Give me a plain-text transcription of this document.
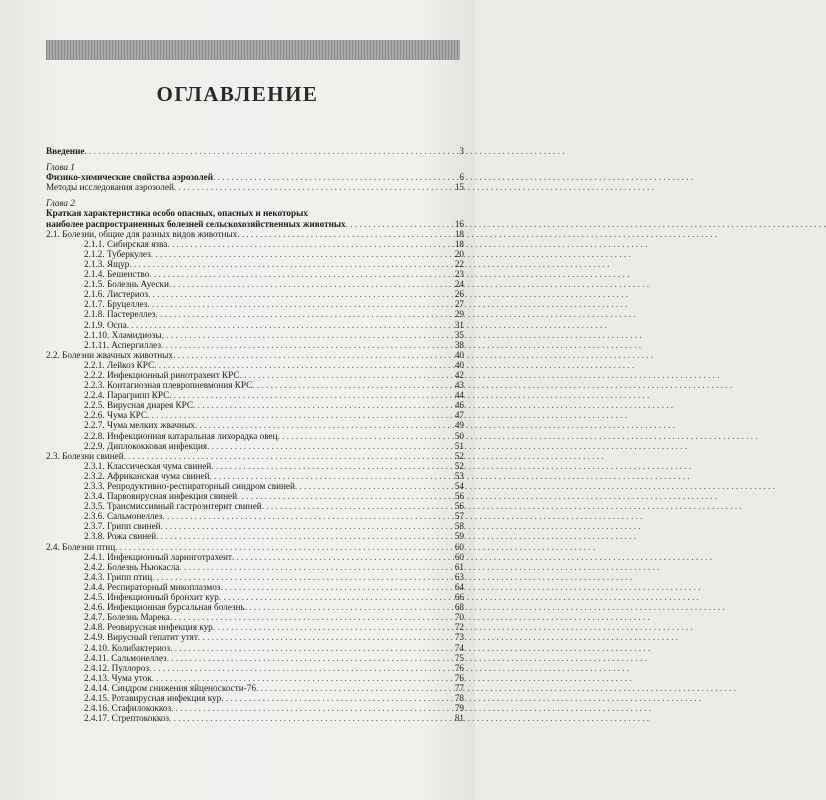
ОГЛАВЛЕНИЕ
Введение . . .	3
Глава 1
Физико-химические свойства аэрозолей . . .	6
Методы исследования аэрозолей . . .	15
Глава 2
Краткая характеристика особо опасных, опасных и некоторых
наиболее распространенных болезней сельскохозяйственных животных . . .	16
2.1. Болезни, общие для разных видов животных . . .	18
2.1.1. Сибирская язва . . .	18
2.1.2. Туберкулез . . .	20
2.1.3. Ящур . . .	22
2.1.4. Бешенство . . .	23
2.1.5. Болезнь Ауески . . .	24
2.1.6. Листериоз . . .	26
2.1.7. Бруцеллез . . .	27
2.1.8. Пастереллез . . .	29
2.1.9. Оспа . . .	31
2.1.10. Хламидиозы . . .	35
2.1.11. Аспергиллез . . .	38
2.2. Болезни жвачных животных . . .	40
2.2.1. Лейкоз КРС . . .	40
2.2.2. Инфекционный ринотрахеит КРС . . .	42
2.2.3. Контагиозная плевропневмония КРС . . .	43
2.2.4. Парагрипп КРС . . .	44
2.2.5. Вирусная диарея КРС . . .	46
2.2.6. Чума КРС . . .	47
2.2.7. Чума мелких жвачных . . .	49
2.2.8. Инфекционная катаральная лихорадка овец . . .	50
2.2.9. Диплококковая инфекция . . .	51
2.3. Болезни свиней . . .	52
2.3.1. Классическая чума свиней . . .	52
2.3.2. Африканская чума свиней . . .	53
2.3.3. Репродуктивно-респираторный синдром свиней . . .	54
2.3.4. Парвовирусная инфекция свиней . . .	56
2.3.5. Трансмиссивный гастроэнтерит свиней . . .	56
2.3.6. Сальмонеллез . . .	57
2.3.7. Грипп свиней . . .	58
2.3.8. Рожа свиней . . .	59
2.4. Болезни птиц . . .	60
2.4.1. Инфекционный ларинготрахеит . . .	60
2.4.2. Болезнь Ньюкасла . . .	61
2.4.3. Грипп птиц . . .	63
2.4.4. Респираторный микоплазмоз . . .	64
2.4.5. Инфекционный бронхит кур . . .	66
2.4.6. Инфекционная бурсальная болезнь . . .	68
2.4.7. Болезнь Марека . . .	70
2.4.8. Реовирусная инфекция кур . . .	72
2.4.9. Вирусный гепатит утят . . .	73
2.4.10. Колибактериоз . . .	74
2.4.11. Сальмонеллез . . .	75
2.4.12. Пуллороз . . .	76
2.4.13. Чума уток . . .	76
2.4.14. Синдром снижения яйценоскости-76 . . .	77
2.4.15. Ротавирусная инфекция кур . . .	78
2.4.16. Стафилококкоз . . .	79
2.4.17. Стрептококкоз . . .	81
